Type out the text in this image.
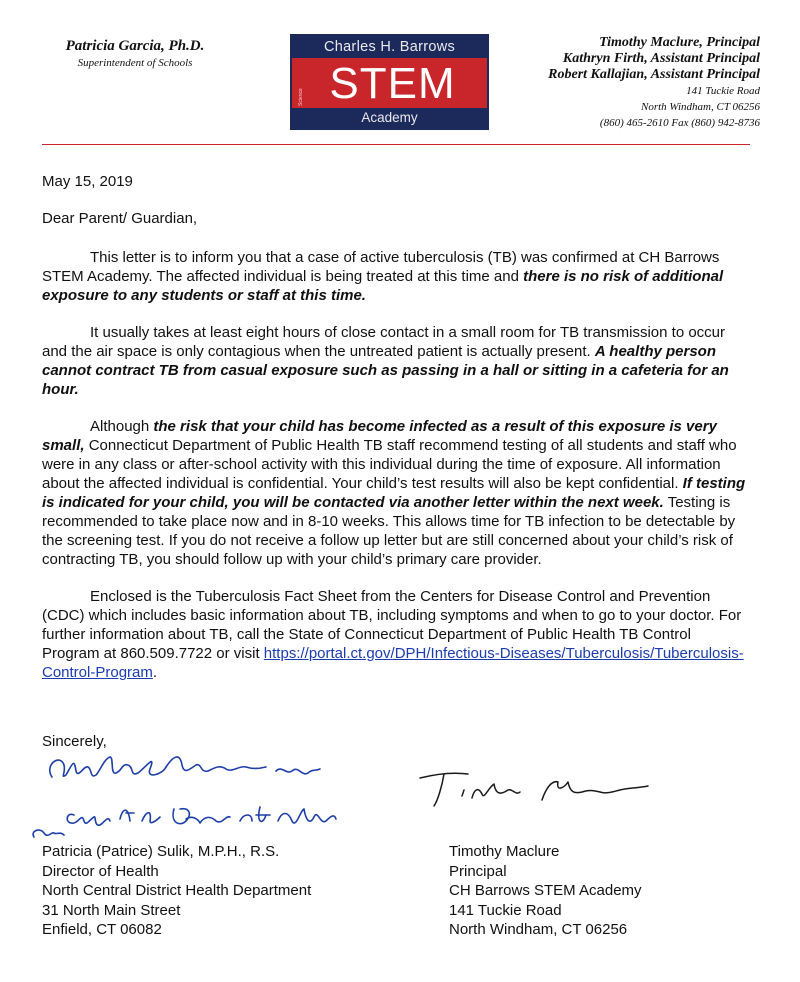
Patricia Garcia, Ph.D.
Superintendent of Schools
Charles H. Barrows
Science STEM
Academy
Timothy Maclure, Principal
Kathryn Firth, Assistant Principal
Robert Kallajian, Assistant Principal
141 Tuckie Road
North Windham, CT 06256
(860) 465-2610 Fax (860) 942-8736

May 15, 2019

Dear Parent/ Guardian,

This letter is to inform you that a case of active tuberculosis (TB) was confirmed at CH Barrows STEM Academy. The affected individual is being treated at this time and there is no risk of additional exposure to any students or staff at this time.

It usually takes at least eight hours of close contact in a small room for TB transmission to occur and the air space is only contagious when the untreated patient is actually present. A healthy person cannot contract TB from casual exposure such as passing in a hall or sitting in a cafeteria for an hour.

Although the risk that your child has become infected as a result of this exposure is very small, Connecticut Department of Public Health TB staff recommend testing of all students and staff who were in any class or after-school activity with this individual during the time of exposure. All information about the affected individual is confidential. Your child’s test results will also be kept confidential. If testing is indicated for your child, you will be contacted via another letter within the next week. Testing is recommended to take place now and in 8-10 weeks. This allows time for TB infection to be detectable by the screening test. If you do not receive a follow up letter but are still concerned about your child’s risk of contracting TB, you should follow up with your child’s primary care provider.

Enclosed is the Tuberculosis Fact Sheet from the Centers for Disease Control and Prevention (CDC) which includes basic information about TB, including symptoms and when to go to your doctor. For further information about TB, call the State of Connecticut Department of Public Health TB Control Program at 860.509.7722 or visit https://portal.ct.gov/DPH/Infectious-Diseases/Tuberculosis/Tuberculosis-Control-Program.

Sincerely,
Patricia (Patrice) Sulik, M.P.H., R.S.
Director of Health
North Central District Health Department
31 North Main Street
Enfield, CT 06082
Timothy Maclure
Principal
CH Barrows STEM Academy
141 Tuckie Road
North Windham, CT 06256
